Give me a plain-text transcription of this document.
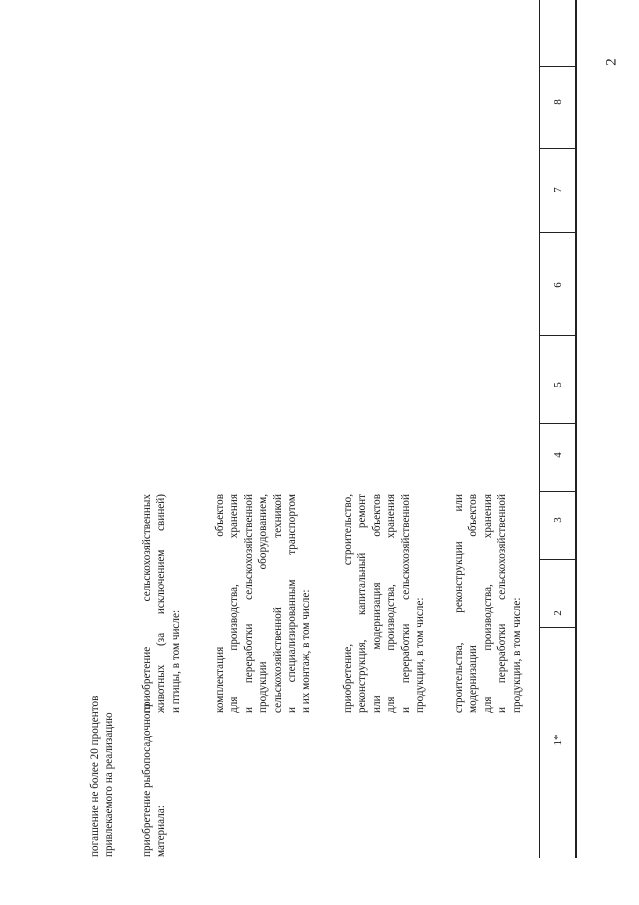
2
1*
2
3
4
5
6
7
8
строительства, реконструкции или модернизации объектов для производства, хранения и переработки сельскохозяйственной продукции, в том числе:
приобретение, строительство, реконструкция, капитальный ремонт или модернизация объектов для производства, хранения и переработки сельскохозяйственной продукции, в том числе:
комплектация объектов для производства, хранения и переработки сельскохозяйственной продукции оборудованием, сельскохозяйственной техникой и специализированным транспортом и их монтаж, в том числе:
приобретение сельскохозяйственных животных (за исключением свиней) и птицы, в том числе:
приобретение рыбопосадочного материала:
погашение не более 20 процентов привлекаемого на реализацию
